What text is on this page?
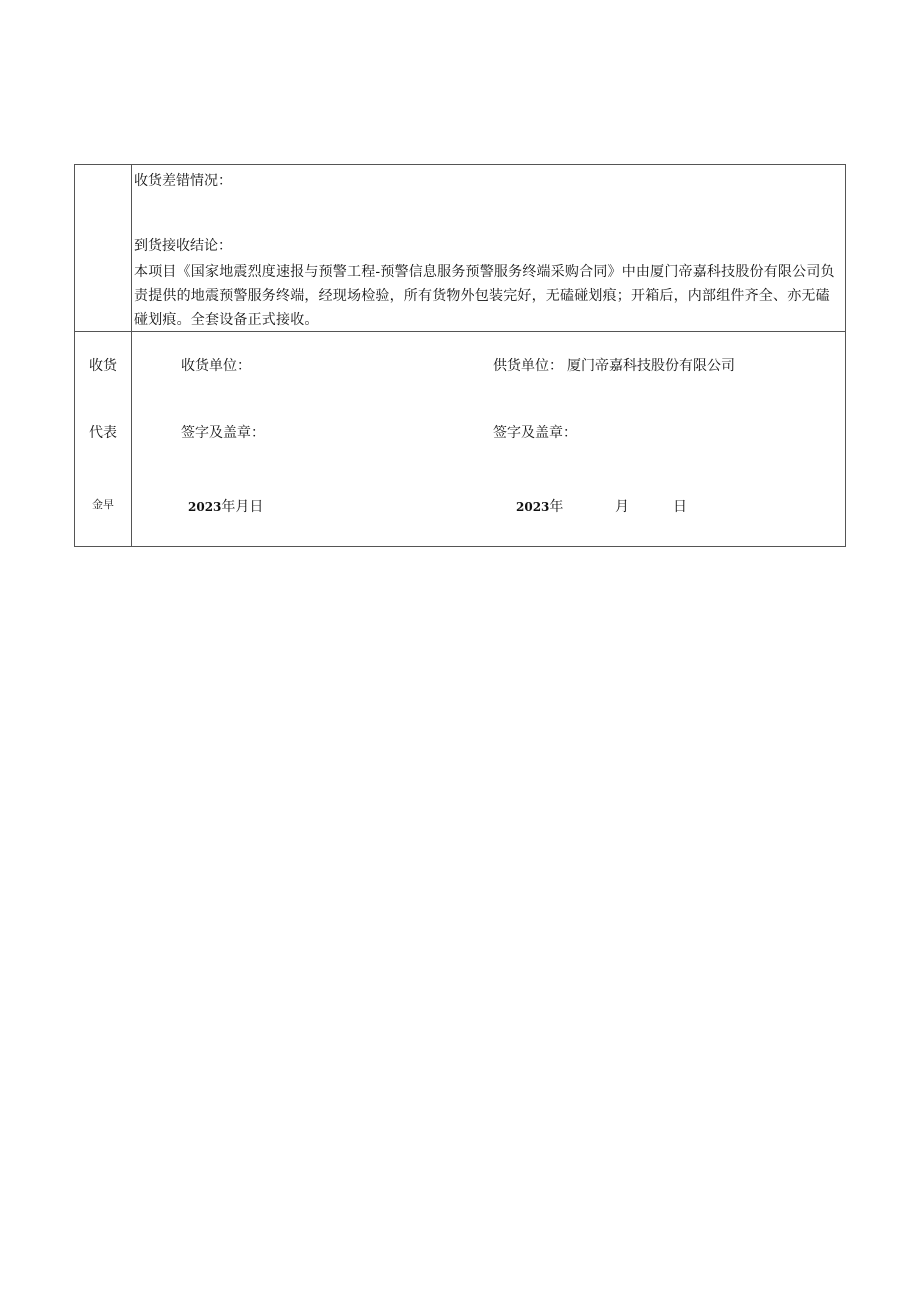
收货差错情况：
到货接收结论：
本项目《国家地震烈度速报与预警工程-预警信息服务预警服务终端采购合同》中由厦门帝嘉科技股份有限公司负责提供的地震预警服务终端，经现场检验，所有货物外包装完好，无磕碰划痕；开箱后，内部组件齐全、亦无磕碰划痕。全套设备正式接收。
收货
代表
金早
收货单位：
签字及盖章：
2023年月日
供货单位： 厦门帝嘉科技股份有限公司
签字及盖章：
2023年	月	日
